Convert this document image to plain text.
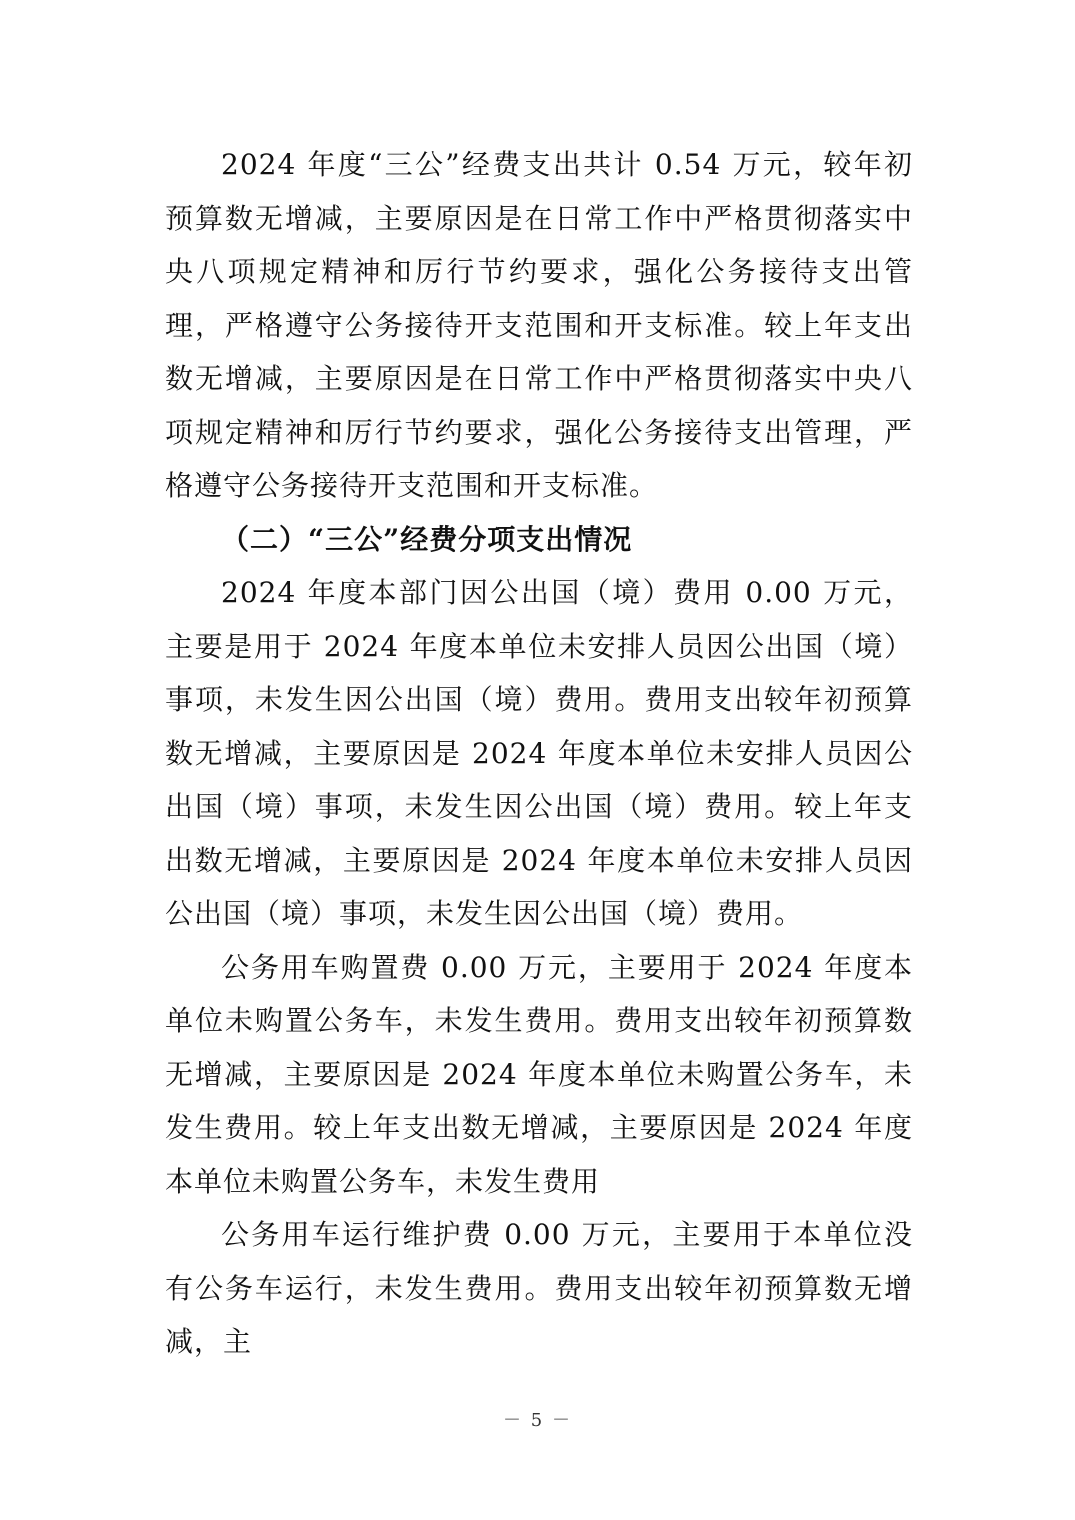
2024 年度“三公”经费支出共计 0.54 万元，较年初预算数无增减，主要原因是在日常工作中严格贯彻落实中央八项规定精神和厉行节约要求，强化公务接待支出管理，严格遵守公务接待开支范围和开支标准。较上年支出数无增减，主要原因是在日常工作中严格贯彻落实中央八项规定精神和厉行节约要求，强化公务接待支出管理，严格遵守公务接待开支范围和开支标准。

（二）“三公”经费分项支出情况

2024 年度本部门因公出国（境）费用 0.00 万元，主要是用于 2024 年度本单位未安排人员因公出国（境）事项，未发生因公出国（境）费用。费用支出较年初预算数无增减，主要原因是 2024 年度本单位未安排人员因公出国（境）事项，未发生因公出国（境）费用。较上年支出数无增减，主要原因是 2024 年度本单位未安排人员因公出国（境）事项，未发生因公出国（境）费用。

公务用车购置费 0.00 万元，主要用于 2024 年度本单位未购置公务车，未发生费用。费用支出较年初预算数无增减，主要原因是 2024 年度本单位未购置公务车，未发生费用。较上年支出数无增减，主要原因是 2024 年度本单位未购置公务车，未发生费用

公务用车运行维护费 0.00 万元，主要用于本单位没有公务车运行，未发生费用。费用支出较年初预算数无增减，主

－ 5 －
